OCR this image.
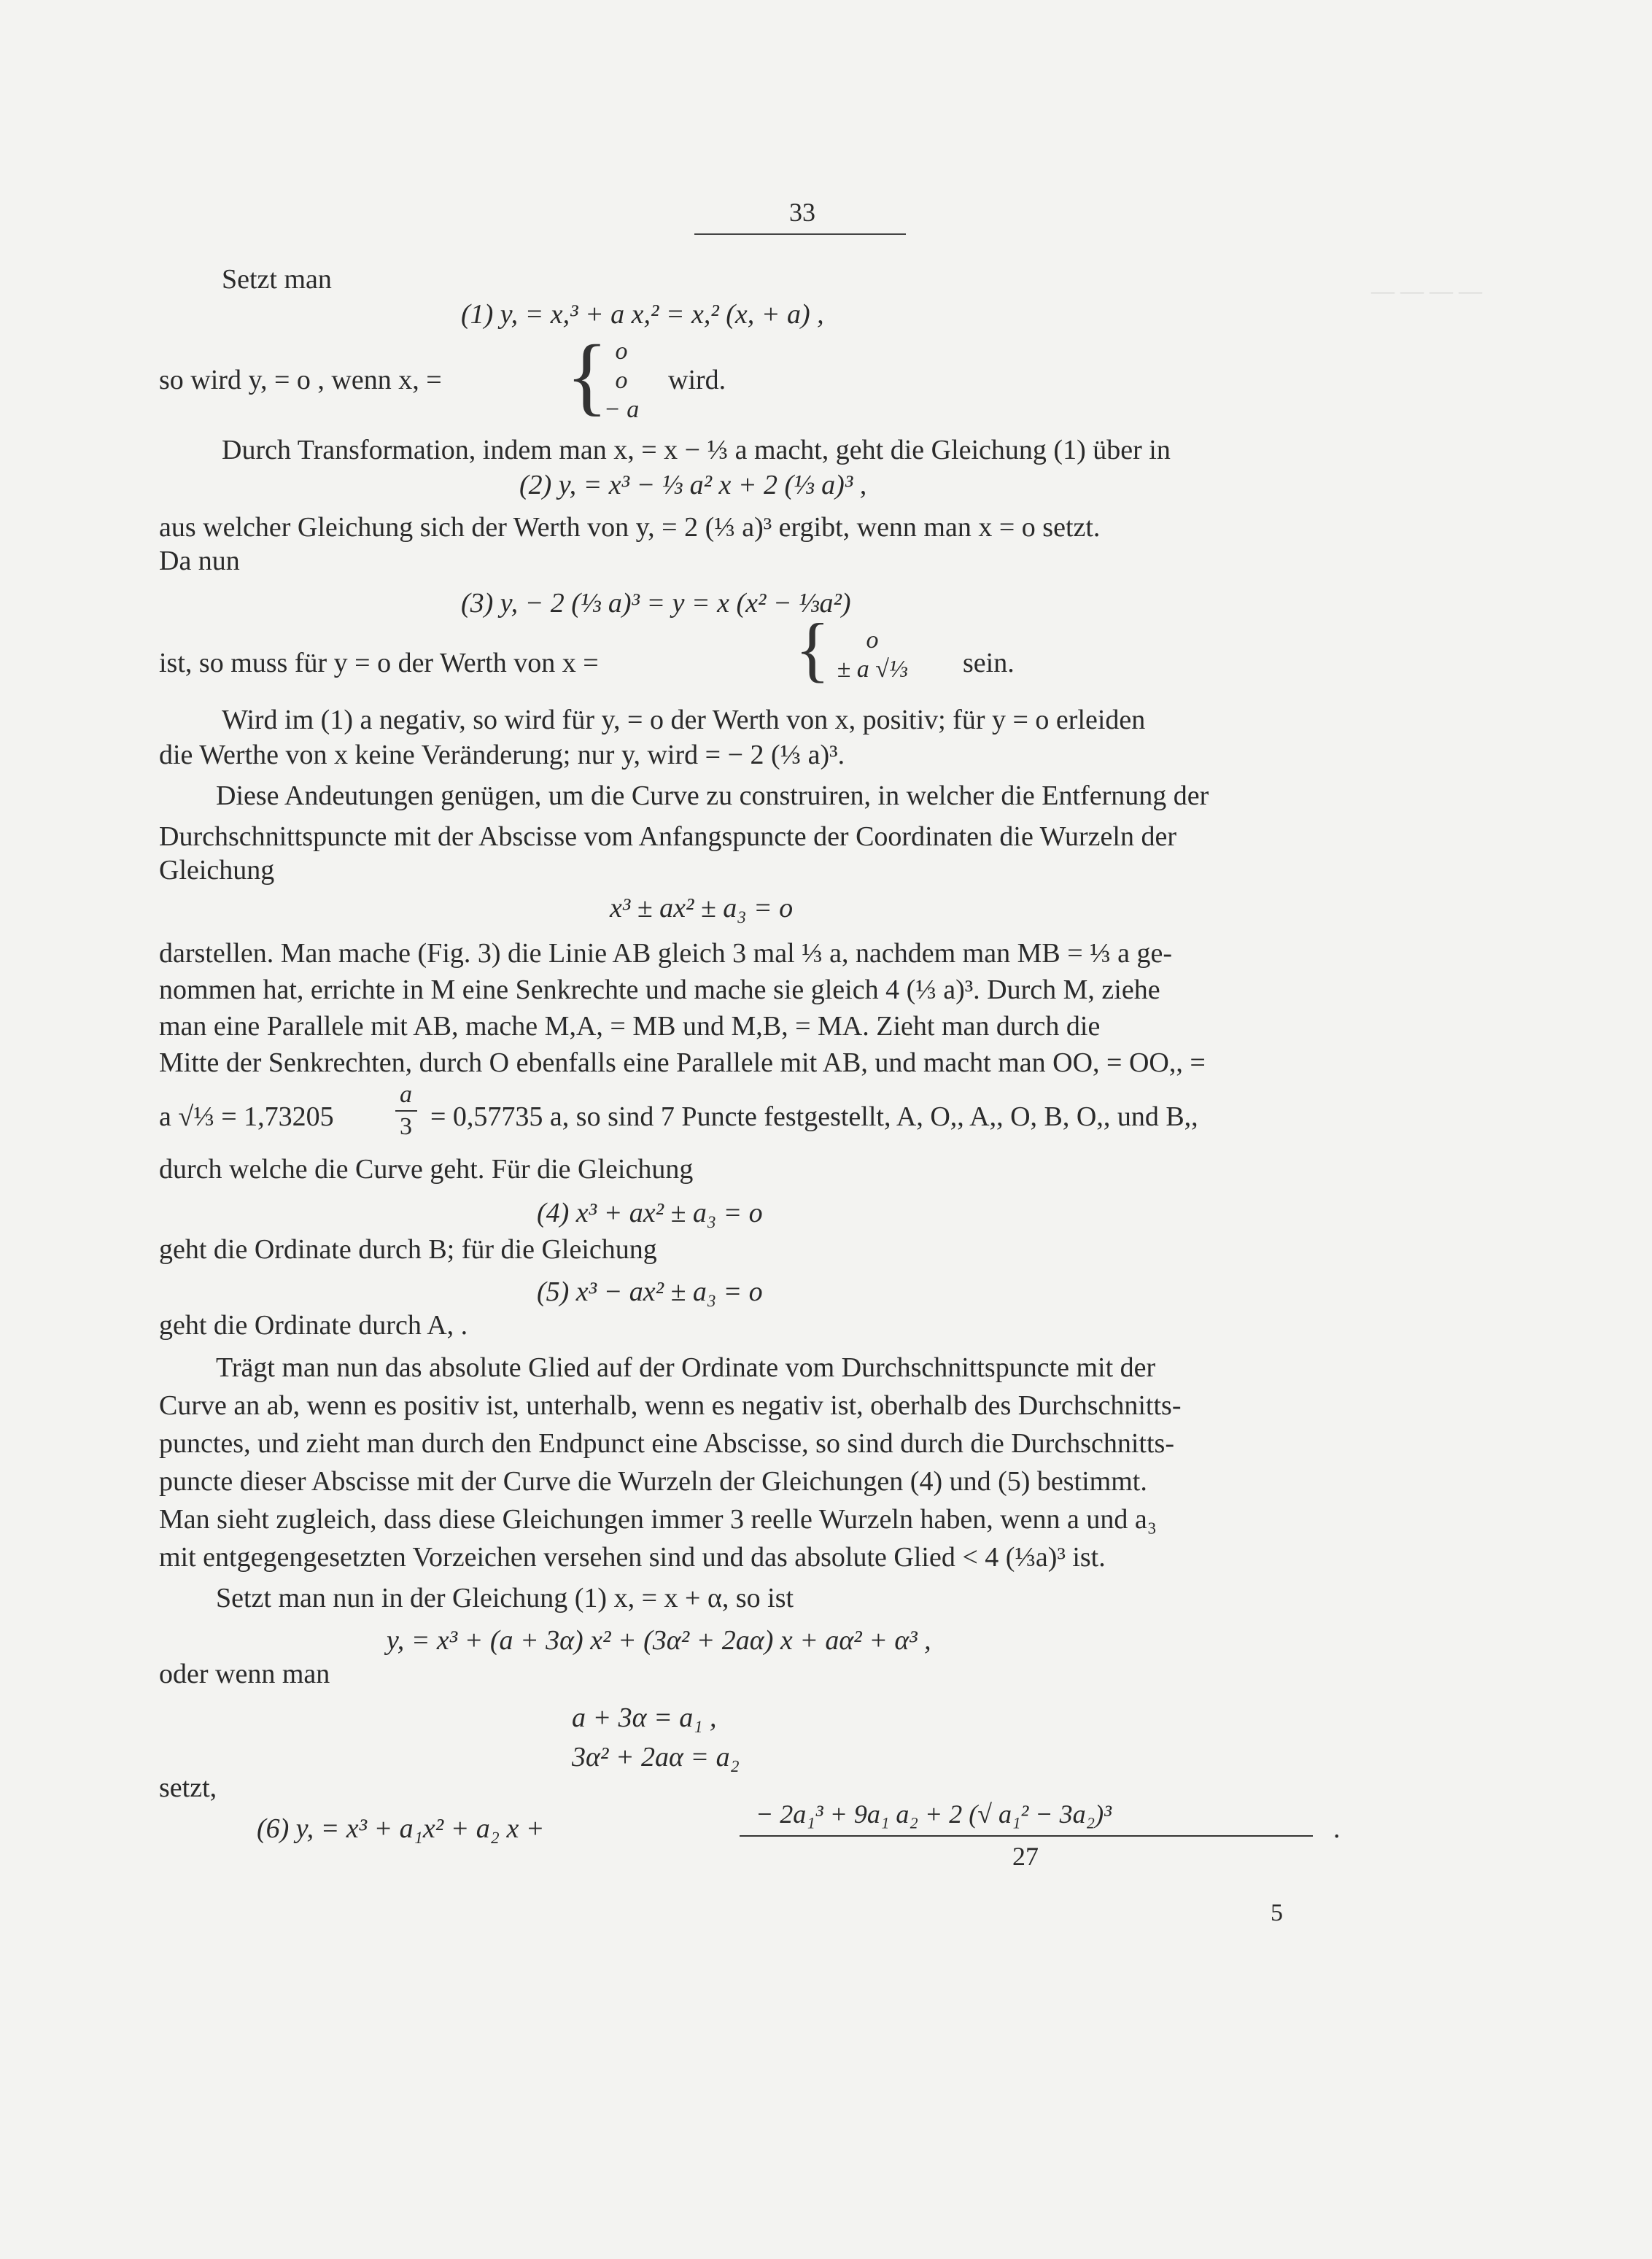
― ― ― ―
33
Setzt man
(1) y, = x,³ + a x,² = x,² (x, + a) ,
so wird y, = o , wenn x, = { o
o
− a
wird.
Durch Transformation, indem man x, = x − ⅓ a macht, geht die Gleichung (1) über in
(2) y, = x³ − ⅓ a² x + 2 (⅓ a)³ ,
aus welcher Gleichung sich der Werth von y, = 2 (⅓ a)³ ergibt, wenn man x = o setzt.
Da nun
(3) y, − 2 (⅓ a)³ = y = x (x² − ⅓a²)
ist, so muss für y = o der Werth von x =	{ o
± a √⅓ sein.
Wird im (1) a negativ, so wird für y, = o der Werth von x, positiv; für y = o erleiden
die Werthe von x keine Veränderung; nur y, wird = − 2 (⅓ a)³.
Diese Andeutungen genügen, um die Curve zu construiren, in welcher die Entfernung der
Durchschnittspuncte mit der Abscisse vom Anfangspuncte der Coordinaten die Wurzeln der
Gleichung
x³ ± ax² ± a₃ = o
darstellen. Man mache (Fig. 3) die Linie AB gleich 3 mal ⅓ a, nachdem man MB = ⅓ a ge-
nommen hat, errichte in M eine Senkrechte und mache sie gleich 4 (⅓ a)³. Durch M, ziehe
man eine Parallele mit AB, mache M,A, = MB und M,B, = MA. Zieht man durch die
Mitte der Senkrechten, durch O ebenfalls eine Parallele mit AB, und macht man OO, = OO,, =
a √⅓ = 1,73205
a
3 = 0,57735 a, so sind 7 Puncte festgestellt, A, O,, A,, O, B, O,, und B,,
durch welche die Curve geht. Für die Gleichung
(4) x³ + ax² ± a₃ = o
geht die Ordinate durch B; für die Gleichung
(5) x³ − ax² ± a₃ = o
geht die Ordinate durch A, .
Trägt man nun das absolute Glied auf der Ordinate vom Durchschnittspuncte mit der
Curve an ab, wenn es positiv ist, unterhalb, wenn es negativ ist, oberhalb des Durchschnitts-
punctes, und zieht man durch den Endpunct eine Abscisse, so sind durch die Durchschnitts-
puncte dieser Abscisse mit der Curve die Wurzeln der Gleichungen (4) und (5) bestimmt.
Man sieht zugleich, dass diese Gleichungen immer 3 reelle Wurzeln haben, wenn a und a₃
mit entgegengesetzten Vorzeichen versehen sind und das absolute Glied < 4 (⅓a)³ ist.
Setzt man nun in der Gleichung (1) x, = x + α, so ist
y, = x³ + (a + 3α) x² + (3α² + 2aα) x + aα² + α³ ,
oder wenn man
a + 3α = a₁ ,
3α² + 2aα = a₂
setzt,
(6) y, = x³ + a₁x² + a₂ x +	− 2a₁³ + 9a₁ a₂ + 2 (√ a₁² − 3a₂)³
27
.
5
